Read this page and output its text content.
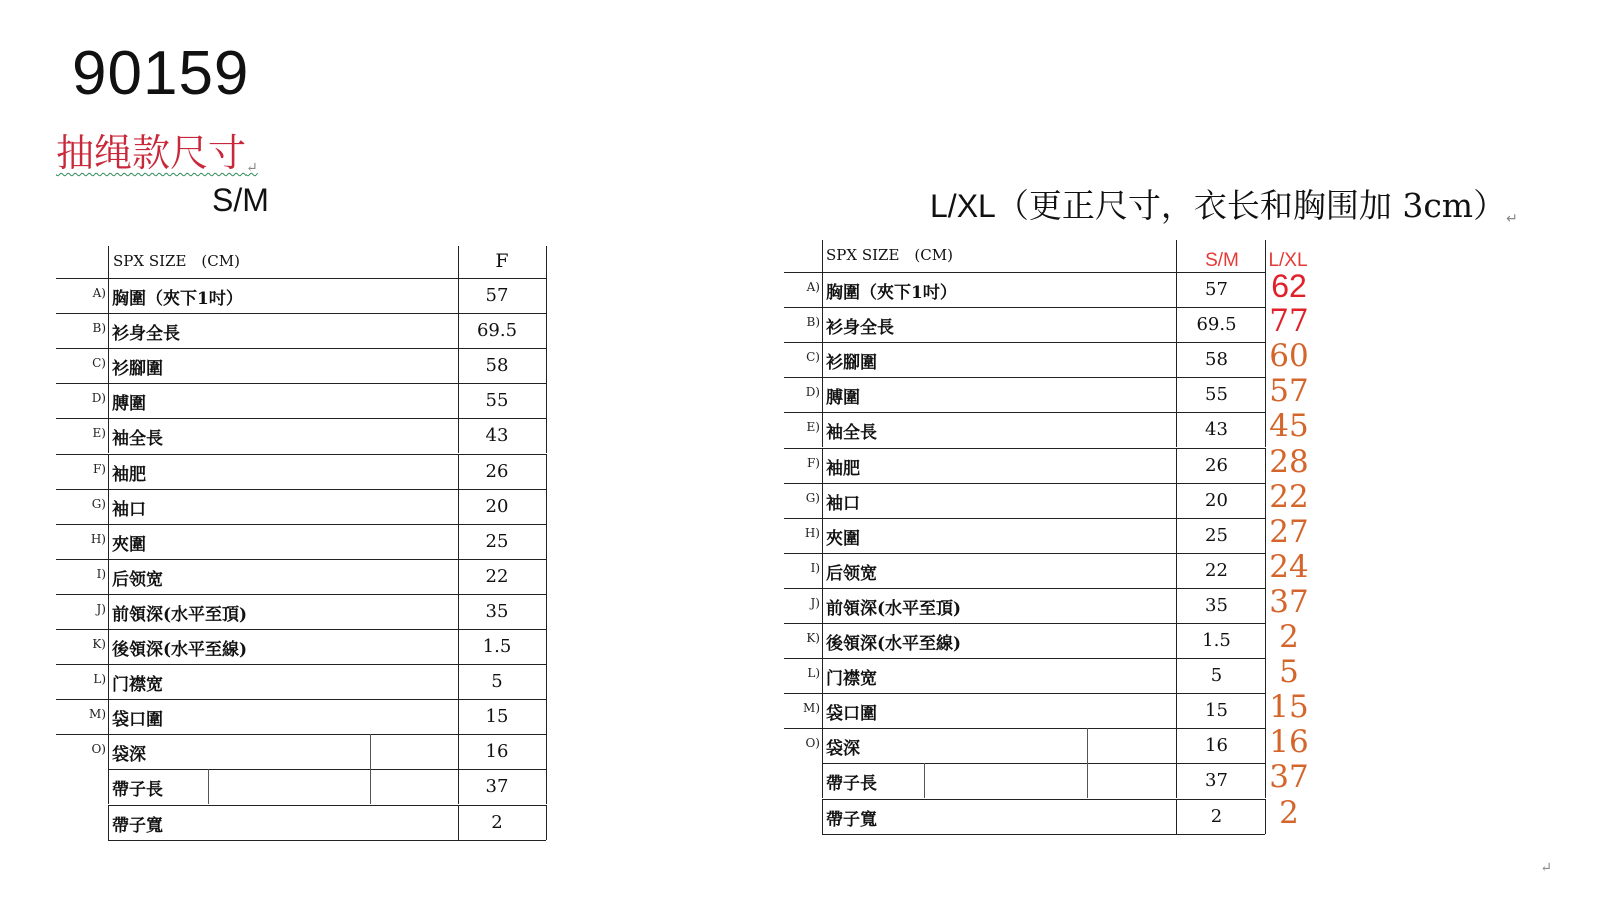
90159
抽绳款尺寸↵
S/M	L/XL（更正尺寸，衣长和胸围加 3cm）↵
SPX SIZE　(CM)	F
A) 胸圍（夾下1吋）	57
B) 衫身全長	69.5
C) 衫腳圍	58
D) 膊圍	55
E) 袖全長	43
F) 袖肥	26
G) 袖口	20
H) 夾圍	25
I) 后领宽	22
J) 前領深(水平至頂)	35
K) 後領深(水平至線)	1.5
L) 门襟宽	5
M) 袋口圍	15
O) 袋深	16
帶子長	37
帶子寬	2
SPX SIZE　(CM)	S/M	L/XL
A) 胸圍（夾下1吋）	57	62
B) 衫身全長	69.5	77
C) 衫腳圍	58	60
D) 膊圍	55	57
E) 袖全長	43	45
F) 袖肥	26	28
G) 袖口	20	22
H) 夾圍	25	27
I) 后领宽	22	24
J) 前領深(水平至頂)	35	37
K) 後領深(水平至線)	1.5	2
L) 门襟宽	5	5
M) 袋口圍	15	15
O) 袋深	16	16
帶子長	37	37
帶子寬	2	2
↵
